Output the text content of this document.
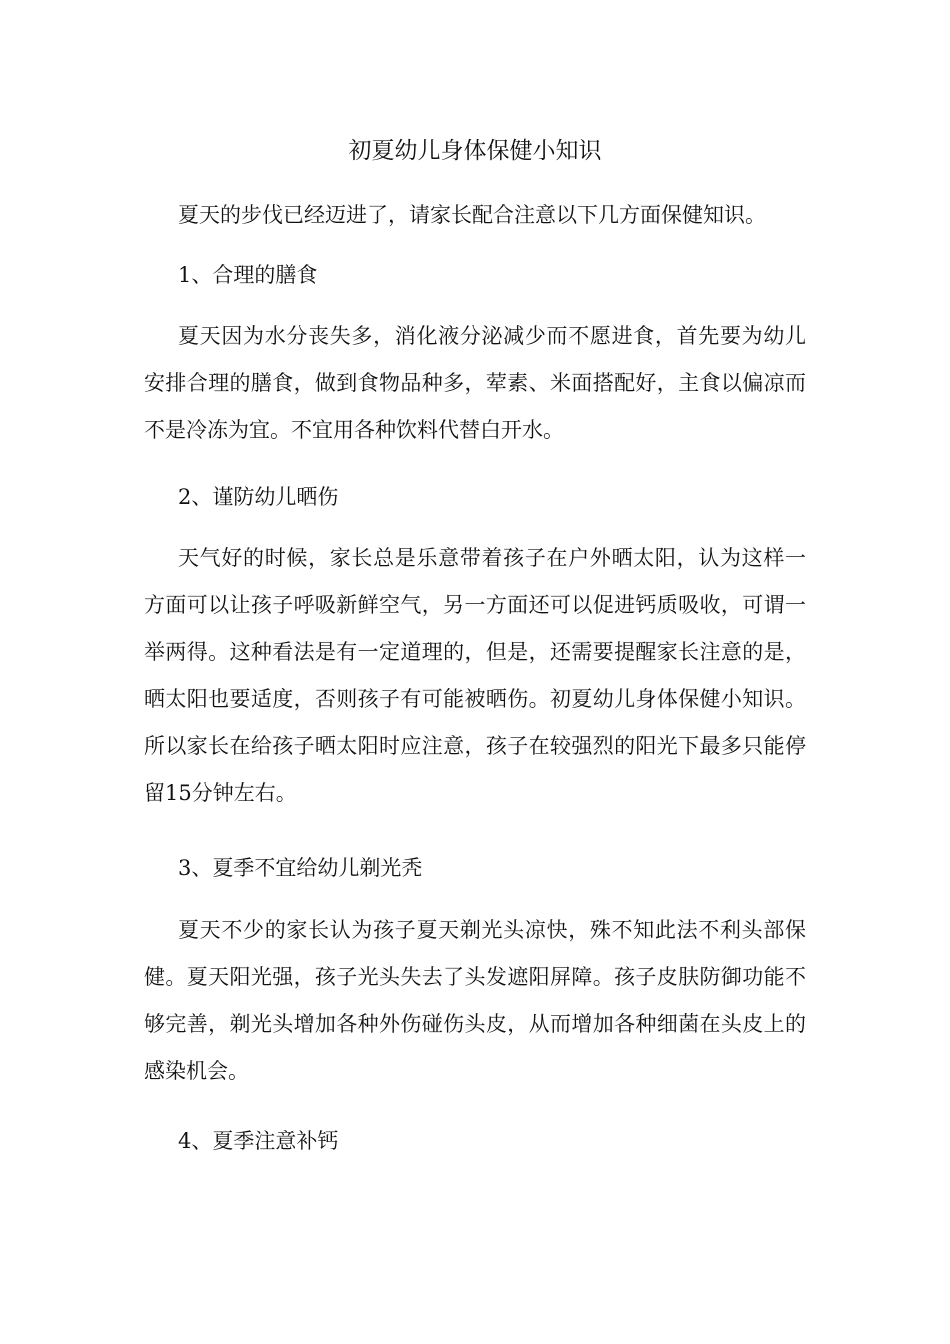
初夏幼儿身体保健小知识

夏天的步伐已经迈进了，请家长配合注意以下几方面保健知识。

1、合理的膳食

夏天因为水分丧失多，消化液分泌减少而不愿进食，首先要为幼儿安排合理的膳食，做到食物品种多，荤素、米面搭配好，主食以偏凉而不是冷冻为宜。不宜用各种饮料代替白开水。

2、谨防幼儿晒伤

天气好的时候，家长总是乐意带着孩子在户外晒太阳，认为这样一方面可以让孩子呼吸新鲜空气，另一方面还可以促进钙质吸收，可谓一举两得。这种看法是有一定道理的，但是，还需要提醒家长注意的是，晒太阳也要适度，否则孩子有可能被晒伤。初夏幼儿身体保健小知识。所以家长在给孩子晒太阳时应注意，孩子在较强烈的阳光下最多只能停留15分钟左右。

3、夏季不宜给幼儿剃光秃

夏天不少的家长认为孩子夏天剃光头凉快，殊不知此法不利头部保健。夏天阳光强，孩子光头失去了头发遮阳屏障。孩子皮肤防御功能不够完善，剃光头增加各种外伤碰伤头皮，从而增加各种细菌在头皮上的感染机会。

4、夏季注意补钙
